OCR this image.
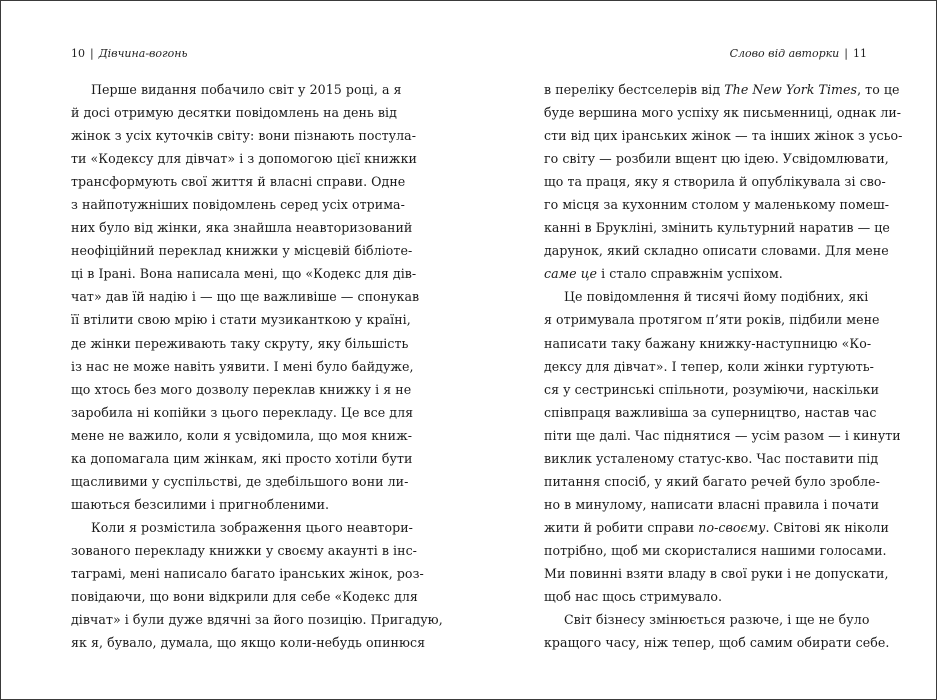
10 | Дівчина-вогонь
Перше видання побачило світ у 2015 році, а я
й досі отримую десятки повідомлень на день від
жінок з усіх куточків світу: вони пізнають постула-
ти «Кодексу для дівчат» і з допомогою цієї книжки
трансформують свої життя й власні справи. Одне
з найпотужніших повідомлень серед усіх отрима-
них було від жінки, яка знайшла неавторизований
неофіційний переклад книжки у місцевій бібліоте-
ці в Ірані. Вона написала мені, що «Кодекс для дів-
чат» дав їй надію і — що ще важливіше — спонукав
її втілити свою мрію і стати музиканткою у країні,
де жінки переживають таку скруту, яку більшість
із нас не може навіть уявити. І мені було байдуже,
що хтось без мого дозволу переклав книжку і я не
заробила ні копійки з цього перекладу. Це все для
мене не важило, коли я усвідомила, що моя книж-
ка допомагала цим жінкам, які просто хотіли бути
щасливими у суспільстві, де здебільшого вони ли-
шаються безсилими і пригнобленими.
Коли я розмістила зображення цього неавтори-
зованого перекладу книжки у своєму акаунті в інс-
таграмі, мені написало багато іранських жінок, роз-
повідаючи, що вони відкрили для себе «Кодекс для
дівчат» і були дуже вдячні за його позицію. Пригадую,
як я, бувало, думала, що якщо коли-небудь опинюся
Слово від авторки | 11
в переліку бестселерів від The New York Times, то це
буде вершина мого успіху як письменниці, однак ли-
сти від цих іранських жінок — та інших жінок з усьо-
го світу — розбили вщент цю ідею. Усвідомлювати,
що та праця, яку я створила й опублікувала зі сво-
го місця за кухонним столом у маленькому помеш-
канні в Брукліні, змінить культурний наратив — це
дарунок, який складно описати словами. Для мене
саме це і стало справжнім успіхом.
Це повідомлення й тисячі йому подібних, які
я отримувала протягом п’яти років, підбили мене
написати таку бажану книжку-наступницю «Ко-
дексу для дівчат». І тепер, коли жінки гуртують-
ся у сестринські спільноти, розуміючи, наскільки
співпраця важливіша за суперництво, настав час
піти ще далі. Час піднятися — усім разом — і кинути
виклик усталеному статус-кво. Час поставити під
питання спосіб, у який багато речей було зробле-
но в минулому, написати власні правила і почати
жити й робити справи по-своєму. Світові як ніколи
потрібно, щоб ми скористалися нашими голосами.
Ми повинні взяти владу в свої руки і не допускати,
щоб нас щось стримувало.
Світ бізнесу змінюється разюче, і ще не було
кращого часу, ніж тепер, щоб самим обирати себе.
